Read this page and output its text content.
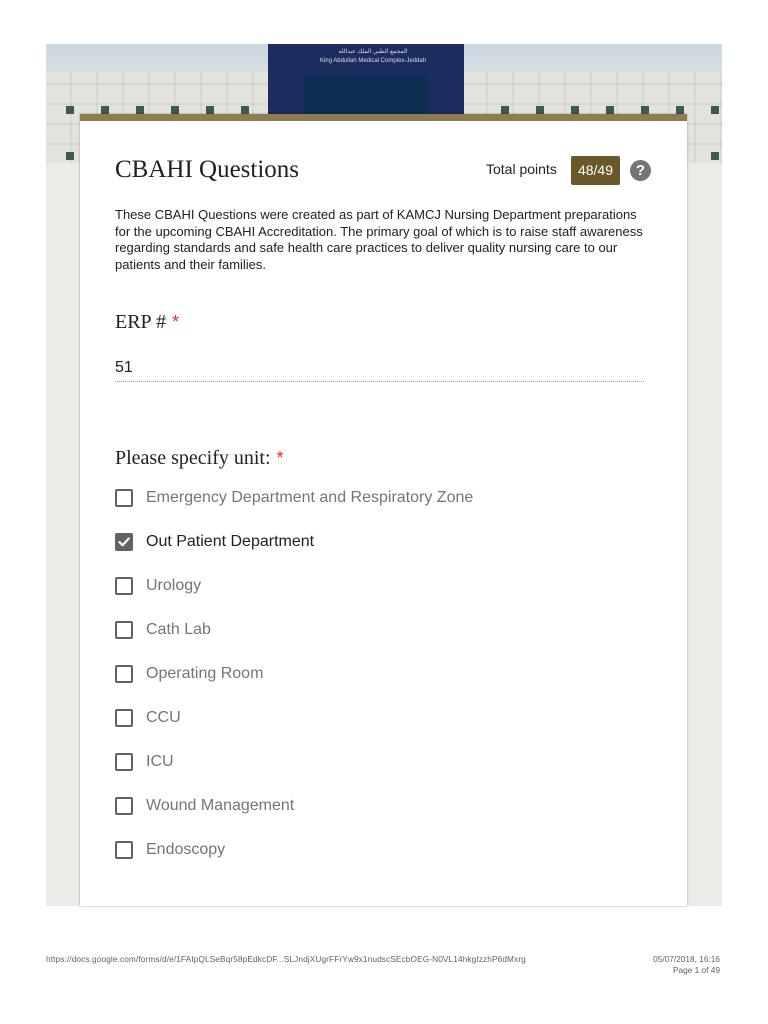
المجمع الطبي الملك عبدالله
King Abdullah Medical Complex-Jeddah
CBAHI Questions	Total points	48/49	?

These CBAHI Questions were created as part of KAMCJ Nursing Department preparations for the upcoming CBAHI Accreditation. The primary goal of which is to raise staff awareness regarding standards and safe health care practices to deliver quality nursing care to our patients and their families.

ERP # *
51
Please specify unit: *
Emergency Department and Respiratory Zone
Out Patient Department
Urology
Cath Lab
Operating Room
CCU
ICU
Wound Management
Endoscopy
https://docs.google.com/forms/d/e/1FAIpQLSeBqr58pEdkcDF...SLJndjXUgrFFrYw9x1nudscSEcbOEG-N0VL14hkgIzzhP6dMxrg	05/07/2018, 16:16
Page 1 of 49
